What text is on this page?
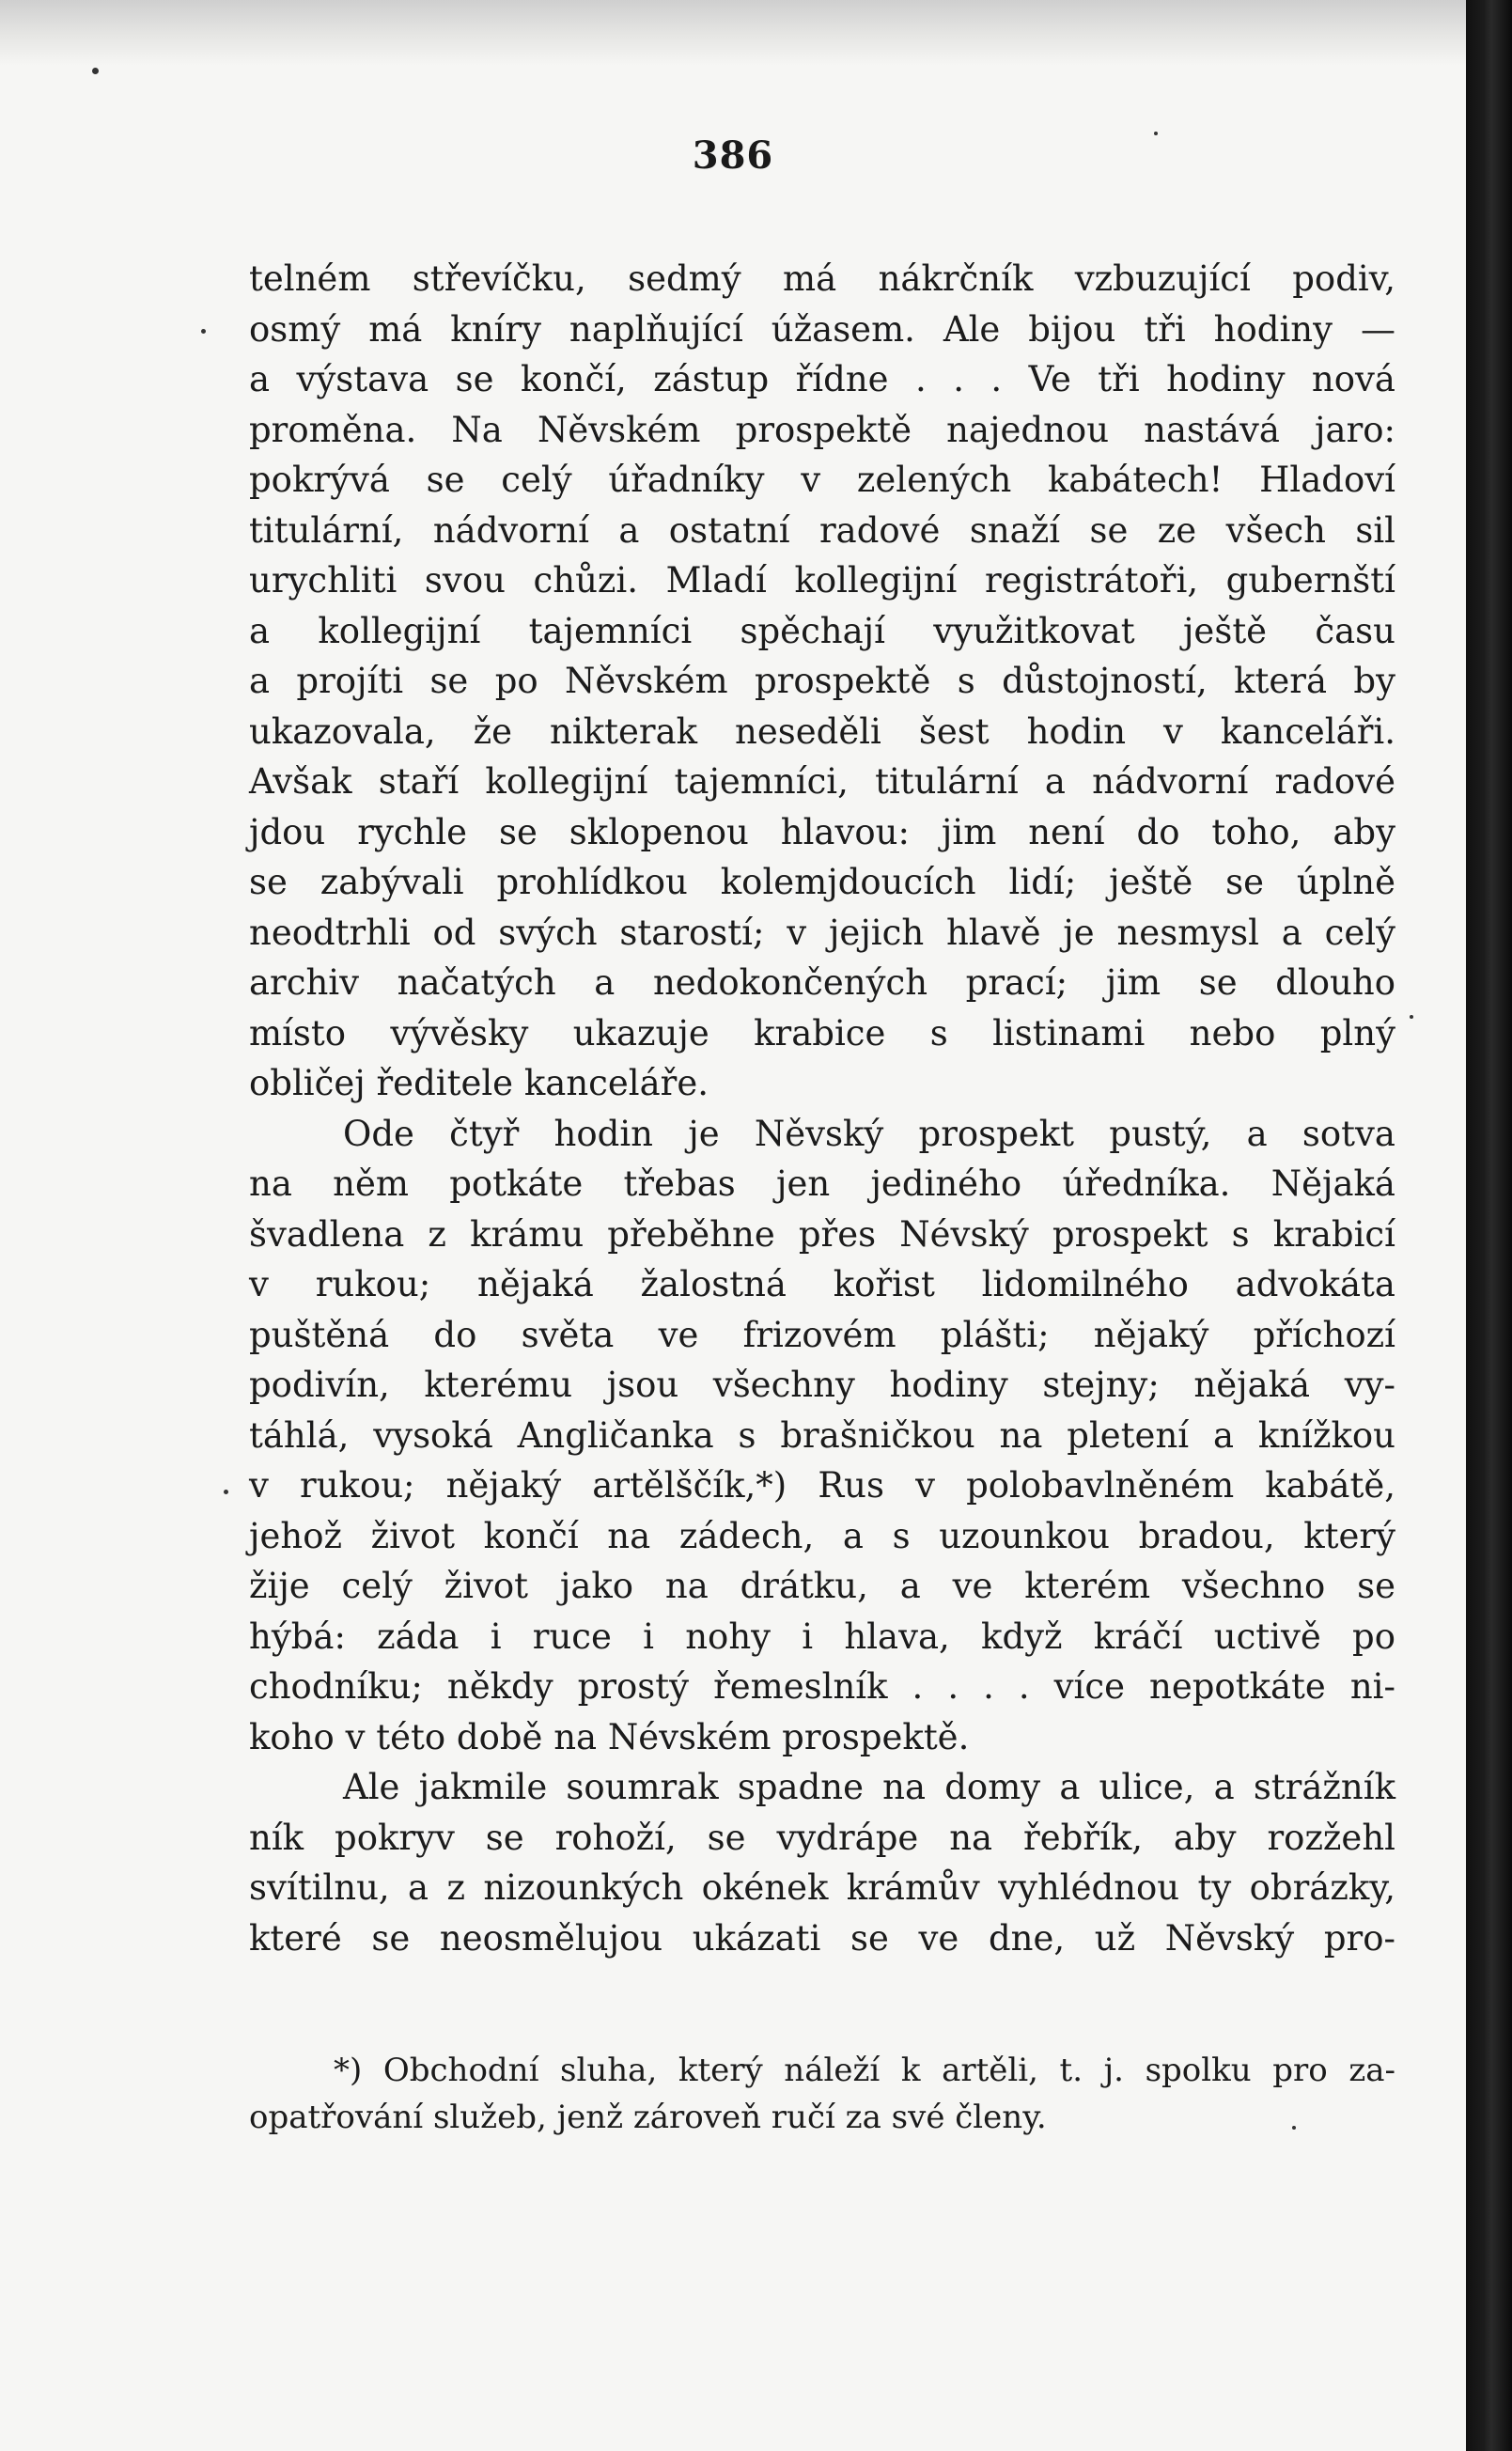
386
telném střevíčku, sedmý má nákrčník vzbuzující podiv,
osmý má kníry naplňující úžasem. Ale bijou tři hodiny —
a výstava se končí, zástup řídne . . . Ve tři hodiny nová
proměna. Na Něvském prospektě najednou nastává jaro:
pokrývá se celý úřadníky v zelených kabátech! Hladoví
titulární, nádvorní a ostatní radové snaží se ze všech sil
urychliti svou chůzi. Mladí kollegijní registrátoři, gubernští
a kollegijní tajemníci spěchají využitkovat ještě času
a projíti se po Něvském prospektě s důstojností, která by
ukazovala, že nikterak neseděli šest hodin v kanceláři.
Avšak staří kollegijní tajemníci, titulární a nádvorní radové
jdou rychle se sklopenou hlavou: jim není do toho, aby
se zabývali prohlídkou kolemjdoucích lidí; ještě se úplně
neodtrhli od svých starostí; v jejich hlavě je nesmysl a celý
archiv načatých a nedokončených prací; jim se dlouho
místo vývěsky ukazuje krabice s listinami nebo plný
obličej ředitele kanceláře.
Ode čtyř hodin je Něvský prospekt pustý, a sotva
na něm potkáte třebas jen jediného úředníka. Nějaká
švadlena z krámu přeběhne přes Névský prospekt s krabicí
v rukou; nějaká žalostná kořist lidomilného advokáta
puštěná do světa ve frizovém plášti; nějaký příchozí
podivín, kterému jsou všechny hodiny stejny; nějaká vy-
táhlá, vysoká Angličanka s brašničkou na pletení a knížkou
v rukou; nějaký artělščík,*) Rus v polobavlněném kabátě,
jehož život končí na zádech, a s uzounkou bradou, který
žije celý život jako na drátku, a ve kterém všechno se
hýbá: záda i ruce i nohy i hlava, když kráčí uctivě po
chodníku; někdy prostý řemeslník . . . . více nepotkáte ni-
koho v této době na Névském prospektě.
Ale jakmile soumrak spadne na domy a ulice, a strážník
ník pokryv se rohoží, se vydrápe na řebřík, aby rozžehl
svítilnu, a z nizounkých okének krámův vyhlédnou ty obrázky,
které se neosmělujou ukázati se ve dne, už Něvský pro-
*) Obchodní sluha, který náleží k artěli, t. j. spolku pro za-
opatřování služeb, jenž zároveň ručí za své členy.
